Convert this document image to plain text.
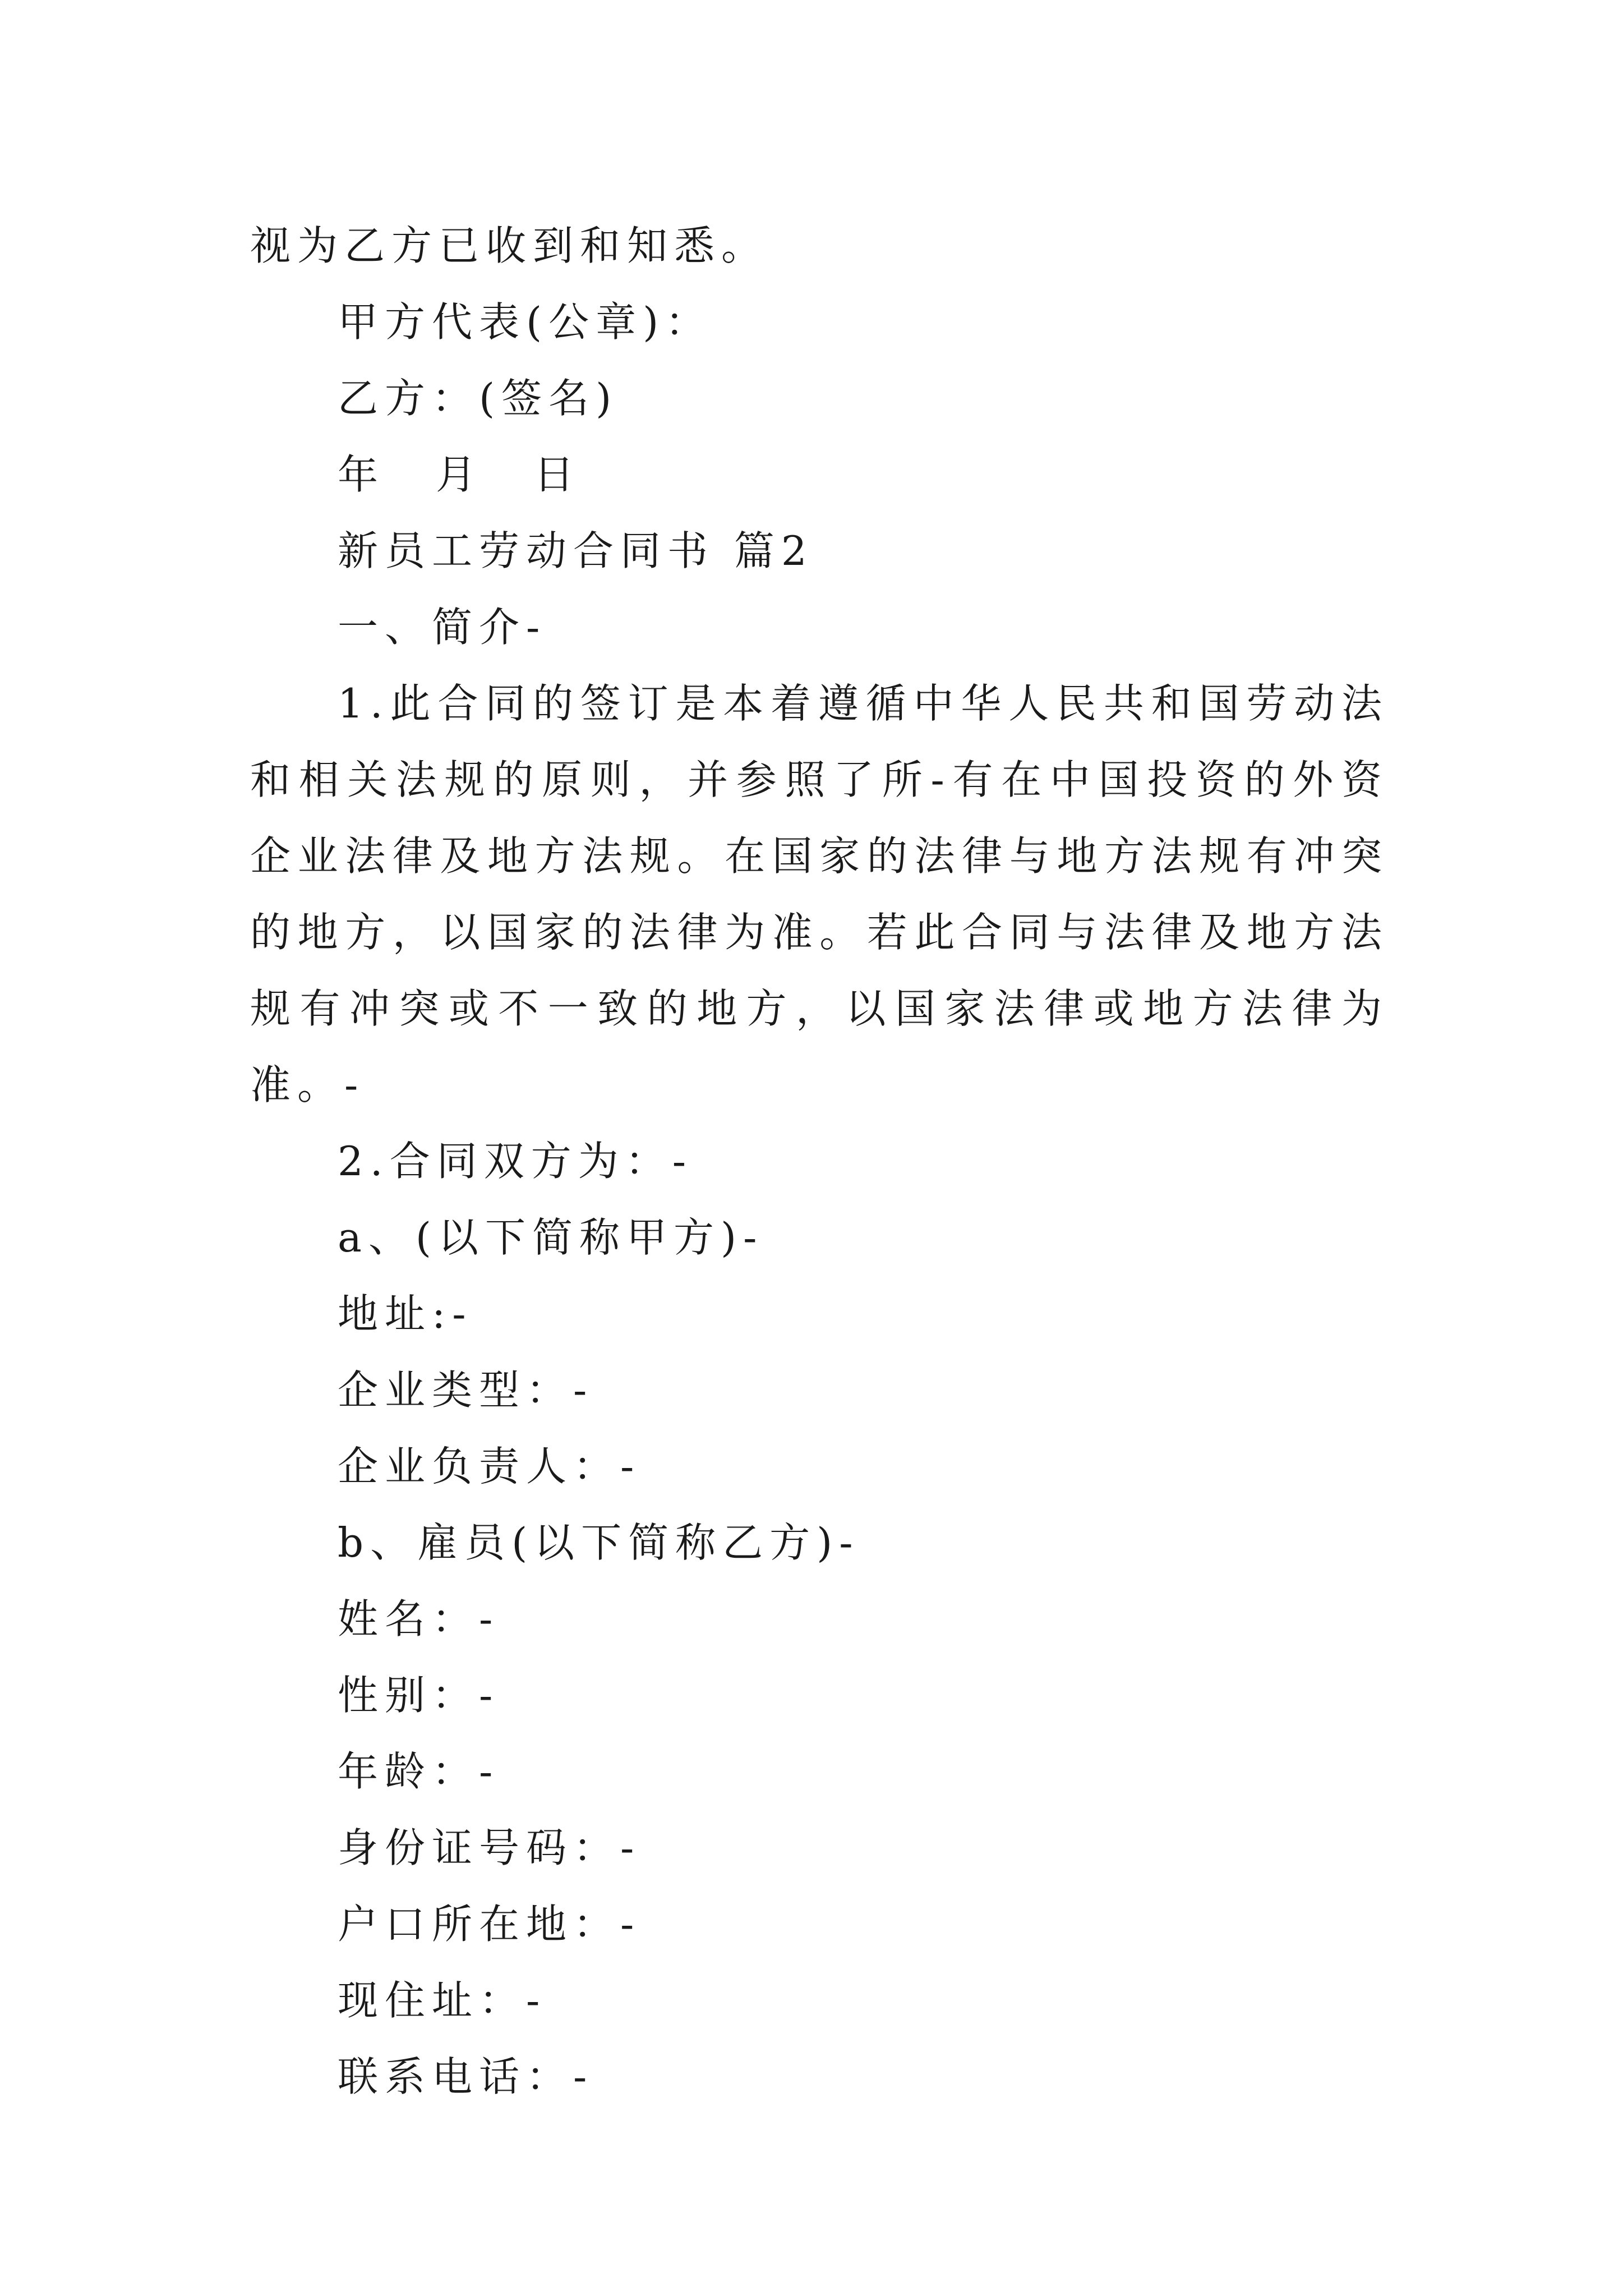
视为乙方已收到和知悉。
甲方代表(公章)：
乙方：(签名)
年 月 日
新员工劳动合同书 篇2
一、简介-

1.此合同的签订是本着遵循中华人民共和国劳动法和相关法规的原则，并参照了所-有在中国投资的外资企业法律及地方法规。在国家的法律与地方法规有冲突的地方，以国家的法律为准。若此合同与法律及地方法规有冲突或不一致的地方，以国家法律或地方法律为准。-

2.合同双方为：-
a、(以下简称甲方)-
地址:-
企业类型：-
企业负责人：-
b、雇员(以下简称乙方)-
姓名：-
性别：-
年龄：-
身份证号码：-
户口所在地：-
现住址：-
联系电话：-
